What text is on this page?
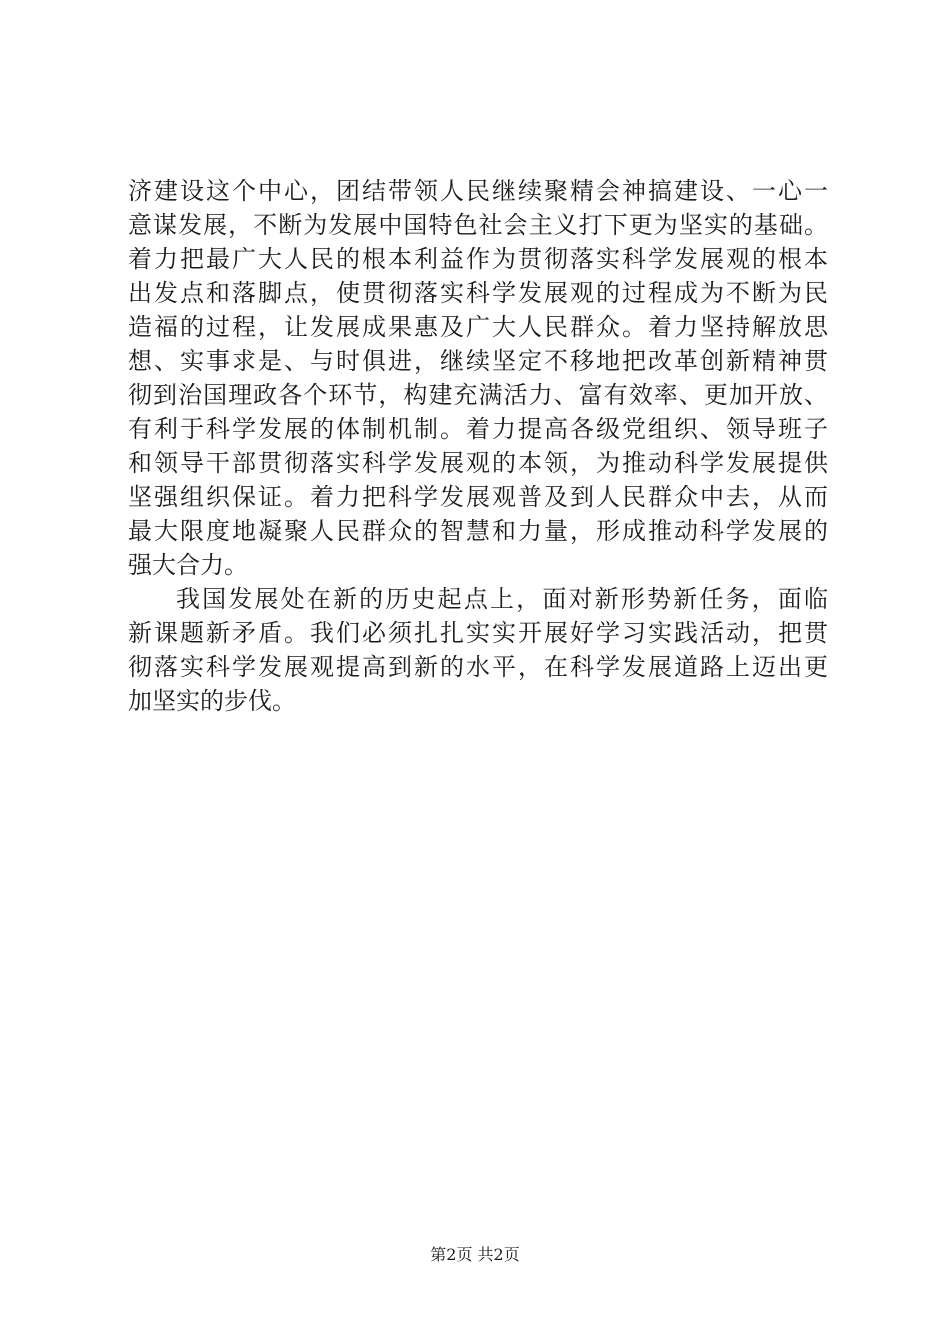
济建设这个中心，团结带领人民继续聚精会神搞建设、一心一
意谋发展，不断为发展中国特色社会主义打下更为坚实的基础。
着力把最广大人民的根本利益作为贯彻落实科学发展观的根本
出发点和落脚点，使贯彻落实科学发展观的过程成为不断为民
造福的过程，让发展成果惠及广大人民群众。着力坚持解放思
想、实事求是、与时俱进，继续坚定不移地把改革创新精神贯
彻到治国理政各个环节，构建充满活力、富有效率、更加开放、
有利于科学发展的体制机制。着力提高各级党组织、领导班子
和领导干部贯彻落实科学发展观的本领，为推动科学发展提供
坚强组织保证。着力把科学发展观普及到人民群众中去，从而
最大限度地凝聚人民群众的智慧和力量，形成推动科学发展的
强大合力。
我国发展处在新的历史起点上，面对新形势新任务，面临
新课题新矛盾。我们必须扎扎实实开展好学习实践活动，把贯
彻落实科学发展观提高到新的水平，在科学发展道路上迈出更
加坚实的步伐。
第2页 共2页
